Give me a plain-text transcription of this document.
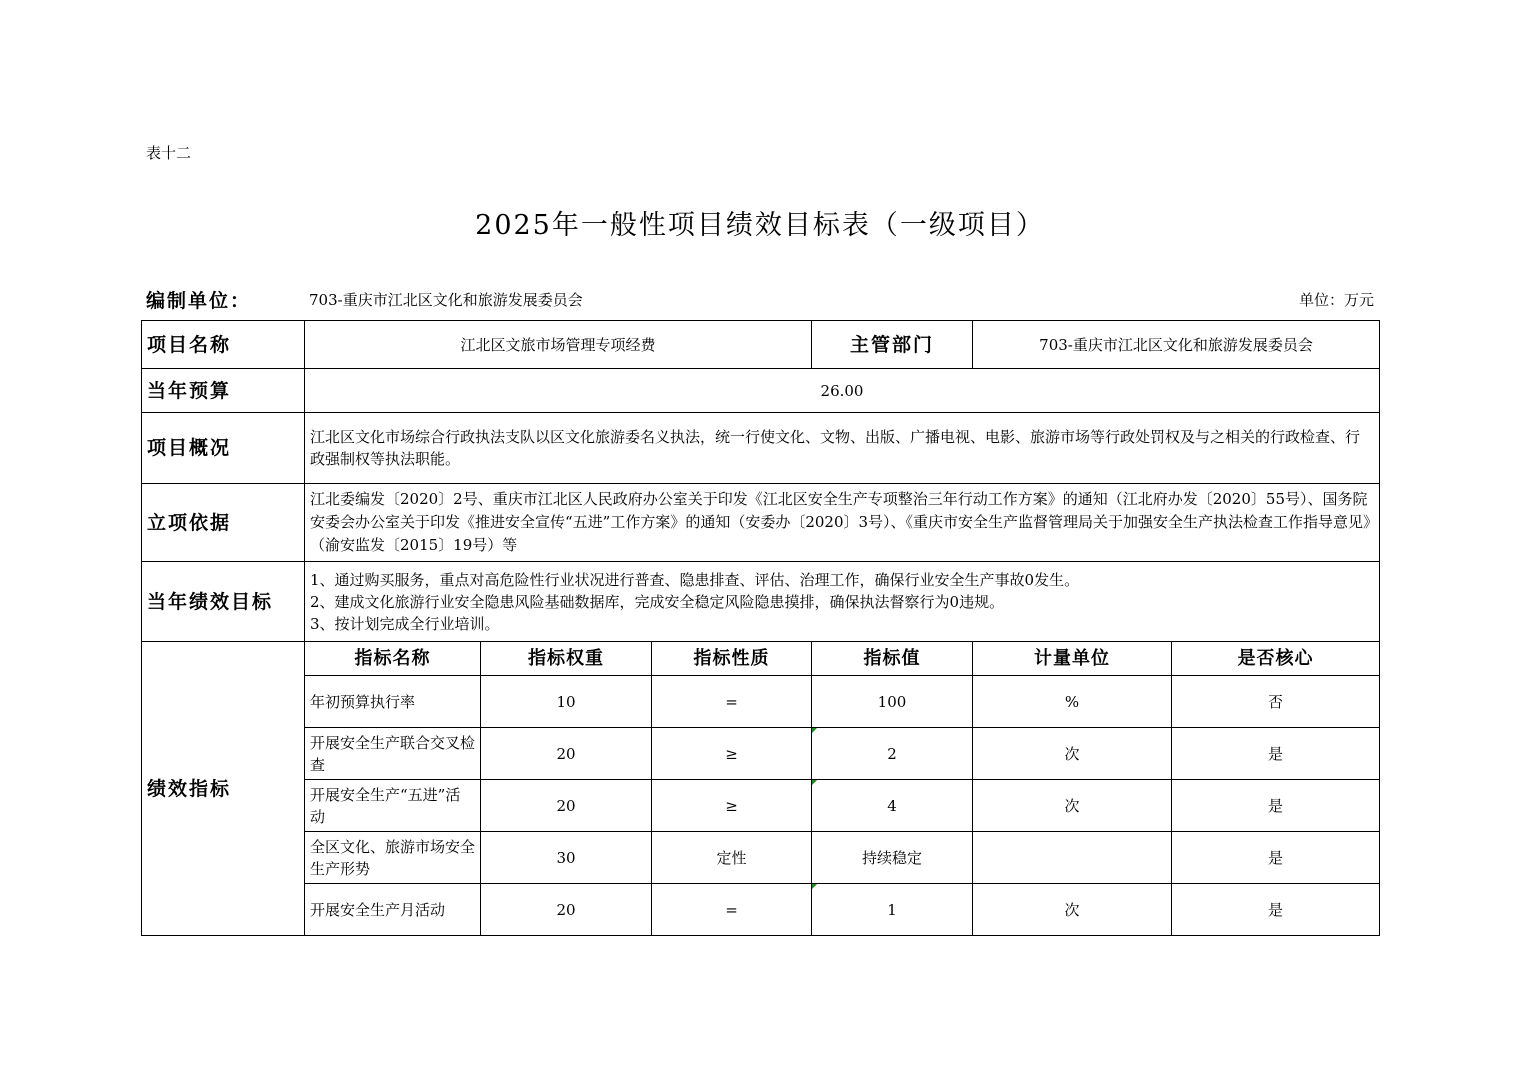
表十二
2025年一般性项目绩效目标表（一级项目）
编制单位：	703-重庆市江北区文化和旅游发展委员会	单位：万元
项目名称	江北区文旅市场管理专项经费			主管部门	703-重庆市江北区文化和旅游发展委员会	
当年预算	26.00					
项目概况	江北区文化市场综合行政执法支队以区文化旅游委名义执法，统一行使文化、文物、出版、广播电视、电影、旅游市场等行政处罚权及与之相关的行政检查、行政强制权等执法职能。					
立项依据	江北委编发〔2020〕2号、重庆市江北区人民政府办公室关于印发《江北区安全生产专项整治三年行动工作方案》的通知（江北府办发〔2020〕55号）、国务院安委会办公室关于印发《推进安全宣传“五进”工作方案》的通知（安委办〔2020〕3号）、《重庆市安全生产监督管理局关于加强安全生产执法检查工作指导意见》（渝安监发〔2015〕19号）等					
当年绩效目标	1、通过购买服务，重点对高危险性行业状况进行普查、隐患排查、评估、治理工作，确保行业安全生产事故0发生。
2、建成文化旅游行业安全隐患风险基础数据库，完成安全稳定风险隐患摸排，确保执法督察行为0违规。
3、按计划完成全行业培训。					

绩效指标	指标名称	指标权重	指标性质	指标值	计量单位	是否核心
	年初预算执行率	10	=	100	%	否
	开展安全生产联合交叉检查	20	≥	2	次	是
	开展安全生产“五进”活动	20	≥	4	次	是
	全区文化、旅游市场安全生产形势	30	定性	持续稳定		是
	开展安全生产月活动	20	=	1	次	是
